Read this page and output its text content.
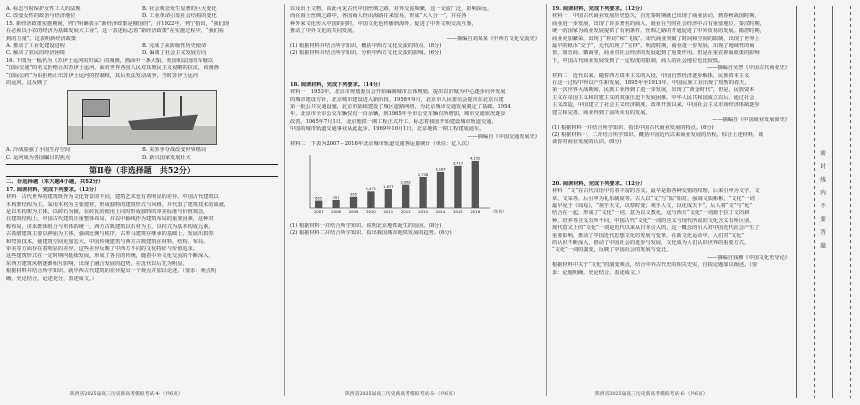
A. 标志当时保护女性工人的法规	B. 社会观念发生显著的巨大变化
C. 改变女性的政治与经济地位	D. 工业革命引发社会结构的变化
15. 新经济政策实施期间，列宁明确表示“新经济政策是俄国的”，并1922年，列宁指出，“我们现
在必须以小农的经济为基础发展大工业”，这一表述标志着“新经济政策”在实施过程中，“我们看
到的力量”。这表明新经济政策
A. 推动了工业化建设进程	B. 完成了从阶级性历史使命
C. 解决了农民的经济困境	D. 偏离了社会主义发展方向
16. 下图为一幅名为《苏伊士运河的归属》的漫画，画面中一条大船，英国和法国的军舰以
“国际交通”的名义拒绝让出苏伊士运河，面对世界各国人民对其殖民主义侵略的抗议，该漫画
“国际公约”为由拒绝让出苏伊士运河的控制权，其后英法发动战争，当时苏伊士运河
的运河。这反映了
A. 冷战加强了小国生存空间	B. 美苏争夺战改变世界格局
C. 运河成为各国瞩目的焦点	D. 新兴国家发展壮大
第Ⅱ卷（非选择题　共52分）
二、非选择题（本大题4小题，共52分）
17. 阅读材料，完成下列要求。（12分）
材料　古代世界的建筑既作为文化背景的不同，建筑艺术也有着明显的差异。中国古代建筑以
木构架结构为主，采用木材为主要建材，形成独特的建筑形式与风格，并代表了建筑技术的成就，
是以木构架为主体，以砖石为辅，在砖瓦的使用上同时形成独特的审美标准与价值观念，
在建筑结构上，中国古代建筑注重整体布局，并以中轴线作为建筑布局的重要因素，这种对
称布局，讲求群体组合与单体的统一。西方古典建筑以石材为主，以柱式为基本构成元素，
古希腊建筑主要以神庙为主体，强调比例与秩序，古罗马建筑在继承的基础上，发展出拱券
和穹顶技术，使建筑空间更加宏大。中国传统建筑与西方古典建筑在材料、结构、布局、
审美等方面存在着明显的差异，这些差异反映了中西方不同的文化特征与价值追求。
这些建筑形式在一定时期内延续发展，形成了各自的传统，随着中外文化交流的不断深入，
东西方建筑风格逐渐相互影响，出现了融合发展的趋势，在近代以后尤为明显。
根据材料并结合所学知识，就中西古代建筑的差异提出一个观点并加以论述。（要求：观点明
确，史论结合，论述充分，表述成文。）
陕西省2025届高三历史新高考模拟考试-4-（共6页）
以及出土文物，由此可见古代中国丝绸之路，对外交流频繁，这一交流广泛，影响深远，
而在海上丝绸之路中，各国商人经由海路往来贸易，形成“大人合一”，并在各
种外来文化传入中国的同时，中国文化也传播到海外，促进了中外文明交流互鉴，
推动了中外文化的共同发展。
——摘编自刘某某《中西方文化交流史》
(1) 根据材料并结合所学知识，概括中西方文化交流的特点。(8分)
(2) 根据材料并结合所学知识，分析中西方文化交流的影响。(6分)
18. 阅读材料，完成下列要求。（14分）
材料一　1953年，北京市规划委员会开始编制城市总体规划，提出以旧城为中心逐步向外发展
的城市建设方针，北京城市建设进入新阶段。1958年9月，北京市人民委员会提出在北京兴建
第一批公共交通设施，北京市陆续建设了城区道路网络，为北京城市交通发展奠定了基础。1954
年，北京市全市公交车辆仅有一百余辆，到1965年全市公交车辆有所增加，城市交通状况逐步
改善。1965年7月1日，北京地铁一期工程正式开工，标志着我国开始建设城市轨道交通，
中国的城市轨道交通事业从此起步。1969年10月1日，北京地铁一期工程建成通车。
——摘编自《中国交通发展史》
材料二　下表为2007－2016年北京城市轨道交通客运量统计（单位：亿人次）
655
2007
707
2008
995
2009
1,471
2010
1,677
2011
2,062
2012
2,738
2013
3,185
2014
3,717
2015
4,152
2016	（年份）
(1) 根据材料一并结合所学知识，说明北京地铁诞生的原因。(8分)
(2) 根据材料二并结合所学知识，指出我国城市地铁发展的趋势。(6分)
陕西省2025届高三历史新高考模拟考试-5-（共6页）
19. 阅读材料，完成下列要求。（12分）
材料一　中国古代商业发展历史悠久，自先秦时期就已出现了商业活动，到春秋战国时期，
商业进一步发展，出现了许多著名的商人，商业在当时社会经济中占有重要地位，秦汉时期，
统一的国家为商业发展提供了有利条件，丝绸之路的开通促进了中外贸易的发展。隋唐时期，
商业更加繁荣，出现了“柜坊”和“飞钱”。宋代商业突破了时间和空间的限制，出现了世界上
最早的纸币“交子”，元代出现了“宝钞”。明清时期，商业进一步发展，出现了地域性的商
帮，如晋商、徽商等，商业对社会经济的发展起到了重要作用。但是在重农抑商政策的影响
下，中国古代商业发展受到了一定程度的限制，商人的社会地位也比较低。
——摘编自吴慧《中国古代商业史》
材料二　近代以来，随着西方资本主义的入侵，中国自然经济逐步解体，民族资本主义
在这一过程中得以产生和发展，1895年至1913年，中国民族工业出现了短暂的春天，
第一次世界大战期间，民族工业得到了进一步发展，出现了“黄金时代”，但是，民族资本
主义在帝国主义和封建主义的双重压迫下发展困难。中华人民共和国成立以后，通过社会
主义改造，中国建立了社会主义经济制度，改革开放以来，中国社会主义市场经济体制逐步
建立和完善，商业得到了前所未有的发展。
——摘编自《中国商业发展简史》
(1) 根据材料一并结合所学知识，指出中国古代商业发展的特点。(6分)
(2) 根据材料一、二并结合所学知识，概括中国近代以来商业发展的历程，综合上述材料，谈
谈你对商业发展的认识。(6分)
20. 阅读材料，完成下列要求。（12分）
材料　“文”在古代汉语中有着丰富的含义，最早是指各种交错的纹理，后来引申为文字、文
章、文采等，后引申为礼乐制度等。古人以“文”与“质”相对，强调文质彬彬，“文化”一词
最早见于《周易》，“观乎天文，以察时变；观乎人文，以化成天下”。后人将“文”与“化”
结合在一起，形成了“文化”一词，意为以文教化，这与西方“文化”一词源于拉丁文的耕
种、培养等含义有所不同，中国古代“文化”一词的含义与现代所说的文化含义有所区别，
现代意义上的“文化”一词是近代以来从日本引入的，这一概念的引入对中国近代社会产生了
重要影响，推动了中国近代思想文化的发展与变革，在新文化运动中，人们对“文化”
的认识不断深入，推动了中国社会的进步与发展，文化成为人们认识世界的重要方式。
“文化”一词的演变，反映了中国社会的发展与变迁。
——摘编自钱穆《中国文化史导论》
根据材料中关于“文化”的演变观点，结合中外古代史的相关史实，自拟论题加以阐述。（要
求：论题明确，史论结合，表述成文。）
陕西省2025届高三历史新高考模拟考试-6-（共6页）
密　封　线　内　不　要　答　题
